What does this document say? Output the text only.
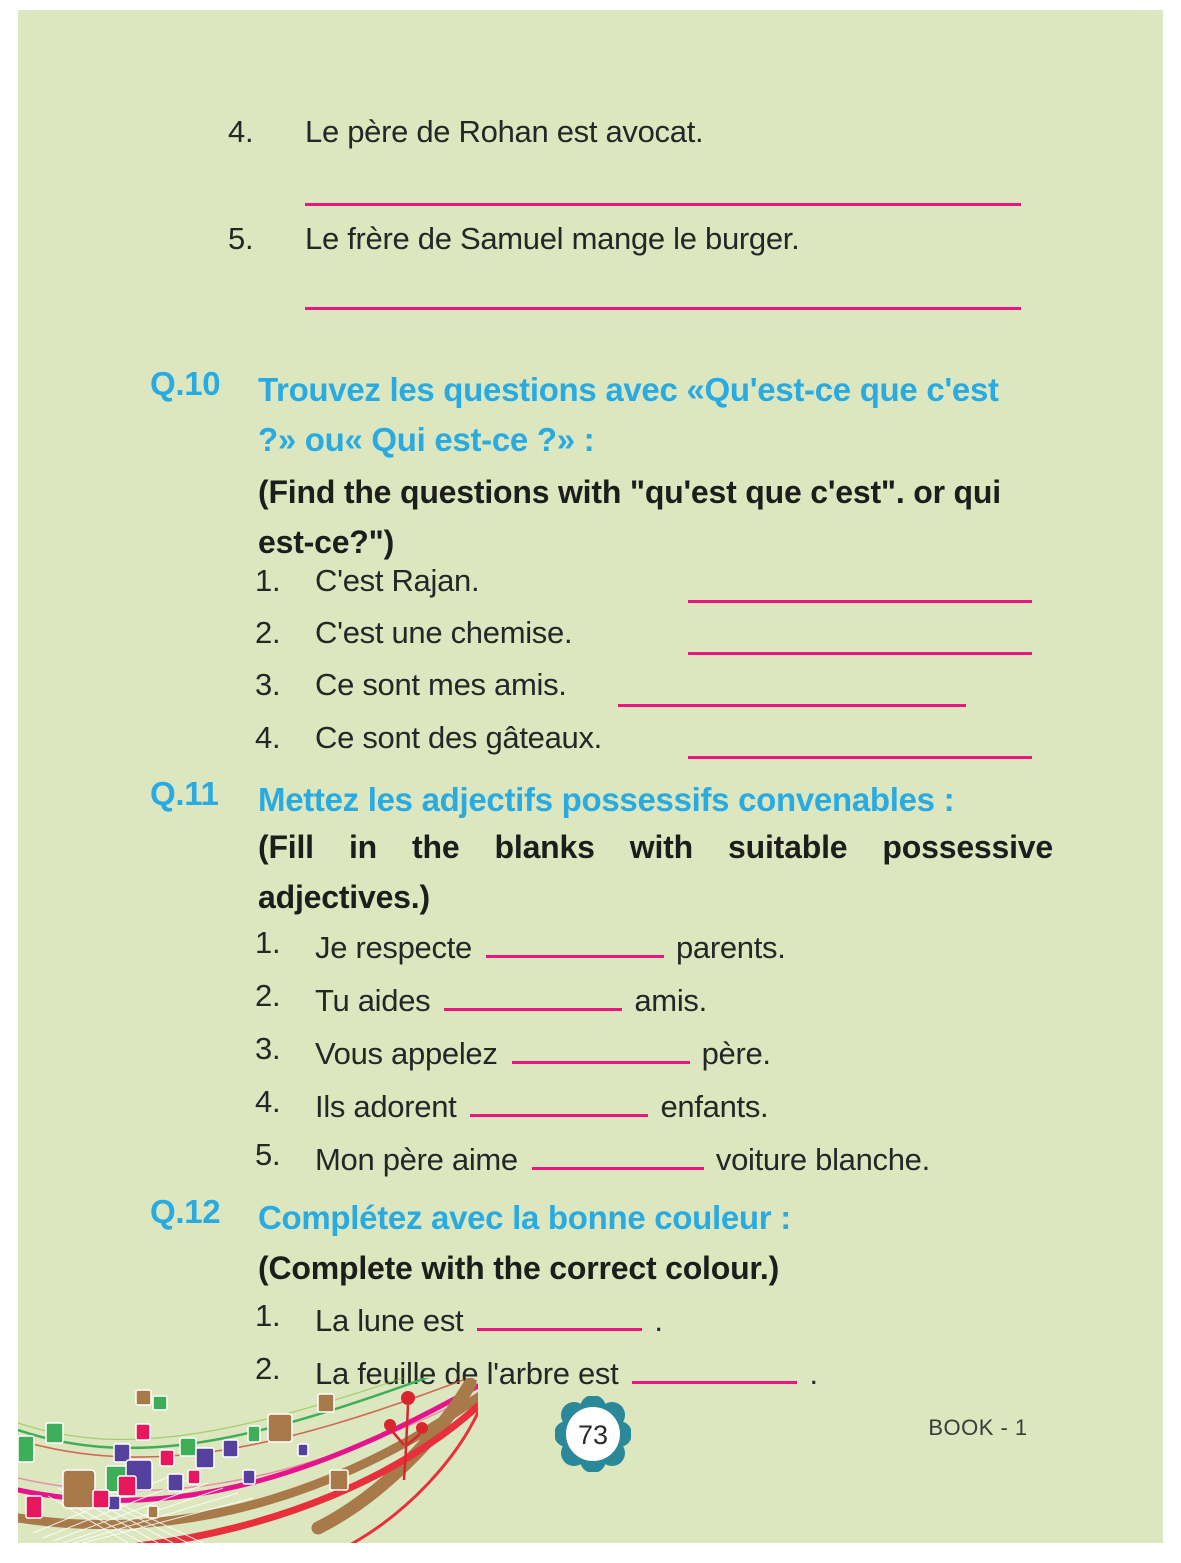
4. Le père de Rohan est avocat.
5. Le frère de Samuel mange le burger.
Q.10 Trouvez les questions avec «Qu'est-ce que c'est
?» ou« Qui est-ce ?» :
(Find the questions with "qu'est que c'est". or qui
est-ce?")
1. C'est Rajan.
2. C'est une chemise.
3. Ce sont mes amis.
4. Ce sont des gâteaux.
Q.11 Mettez les adjectifs possessifs convenables :
(Fill in the blanks with suitable possessive
adjectives.)
1. Je respecte	parents.
2. Tu aides	amis.
3. Vous appelez	père.
4. Ils adorent	enfants.
5. Mon père aime	voiture blanche.
Q.12 Complétez avec la bonne couleur :
(Complete with the correct colour.)
1. La lune est	.
2. La feuille de l'arbre est	.
73	BOOK - 1
